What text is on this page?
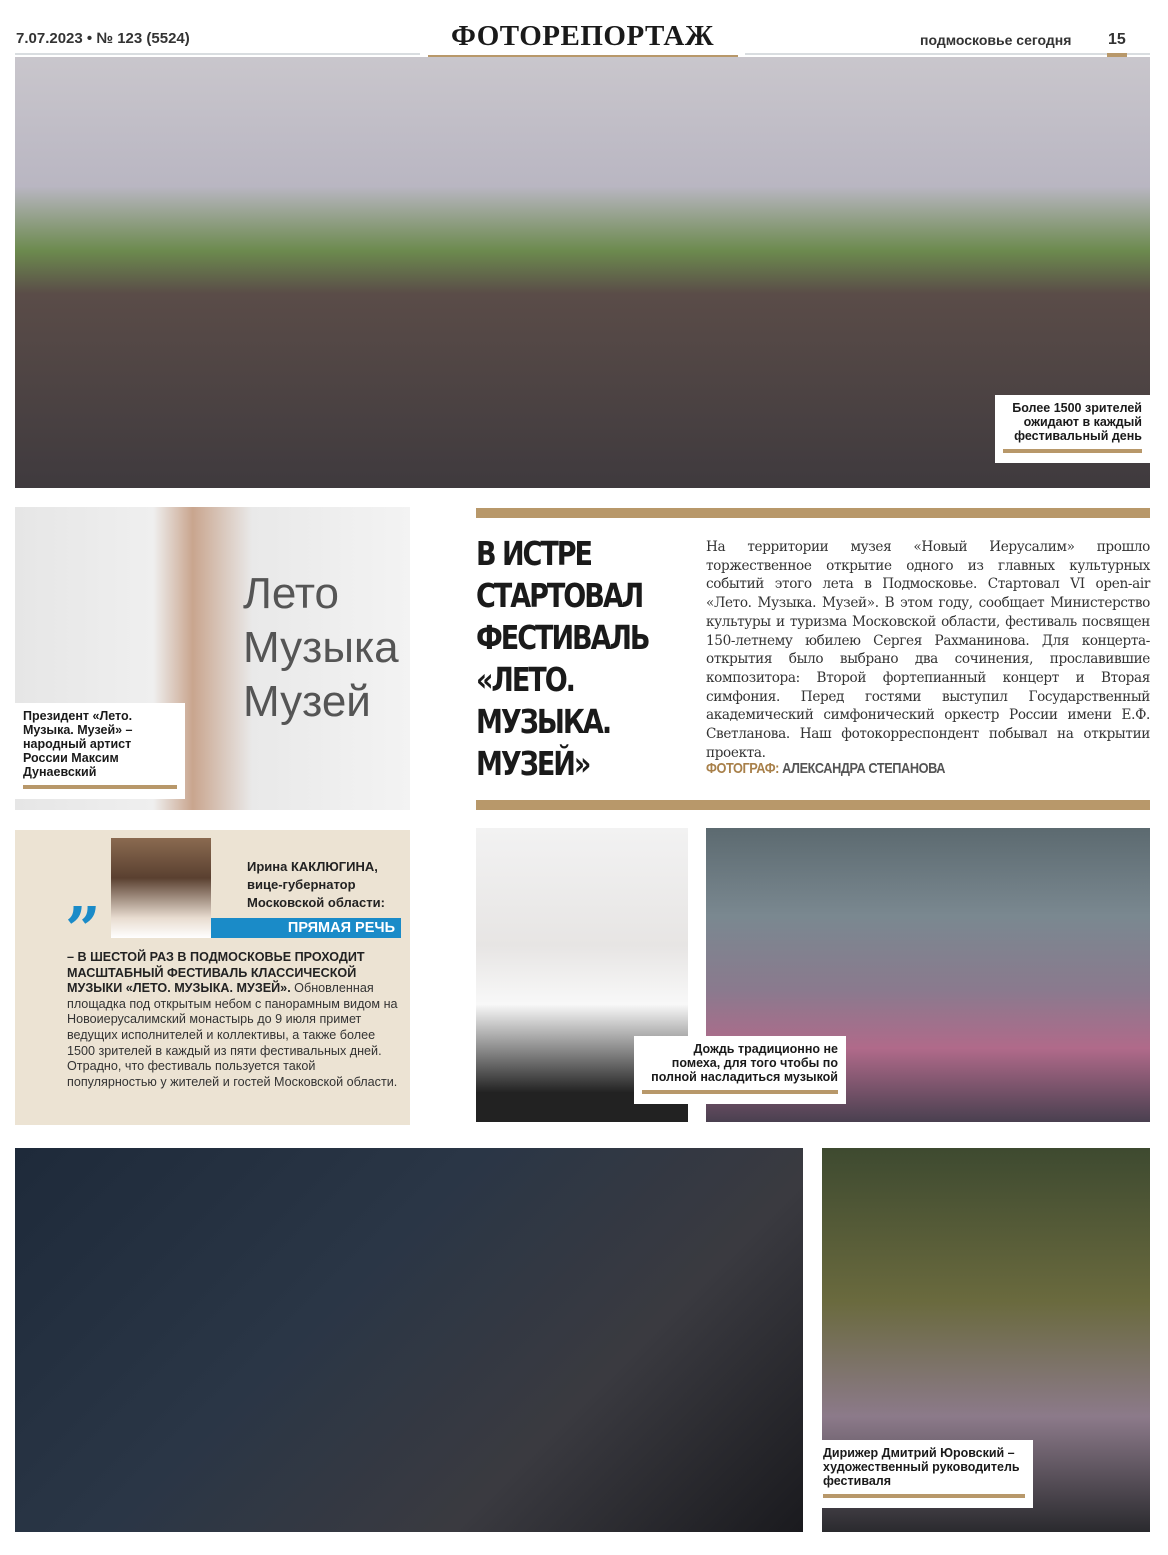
7.07.2023 • № 123 (5524)	ФОТОРЕПОРТАЖ	подмосковье сегодня 15
Более 1500 зрителей ожидают в каждый фестивальный день
Лето Музыка Музей
Президент «Лето. Музыка. Музей» – народный артист России Максим Дунаевский
В ИСТРЕ СТАРТОВАЛ ФЕСТИВАЛЬ «ЛЕТО. МУЗЫКА. МУЗЕЙ»
На территории музея «Новый Иерусалим» прошло торжественное открытие одного из главных культурных событий этого лета в Подмосковье. Стартовал VI open-air «Лето. Музыка. Музей». В этом году, сообщает Министерство культуры и туризма Московской области, фестиваль посвящен 150-летнему юбилею Сергея Рахманинова. Для концерта-открытия было выбрано два сочинения, прославившие композитора: Второй фортепианный концерт и Вторая симфония. Перед гостями выступил Государственный академический симфонический оркестр России имени Е.Ф. Светланова. Наш фотокорреспондент побывал на открытии проекта.
ФОТОГРАФ: АЛЕКСАНДРА СТЕПАНОВА
Ирина КАКЛЮГИНА,
вице-губернатор
Московской области:
”	ПРЯМАЯ РЕЧЬ
– В ШЕСТОЙ РАЗ В ПОДМОСКОВЬЕ ПРОХОДИТ МАСШТАБНЫЙ ФЕСТИВАЛЬ КЛАССИЧЕСКОЙ МУЗЫКИ «ЛЕТО. МУЗЫКА. МУЗЕЙ». Обновленная площадка под открытым небом с панорамным видом на Новоиерусалимский монастырь до 9 июля примет ведущих исполнителей и коллективы, а также более 1500 зрителей в каждый из пяти фестивальных дней. Отрадно, что фестиваль пользуется такой популярностью у жителей и гостей Московской области.
Дождь традиционно не помеха, для того чтобы по полной насладиться музыкой
Дирижер Дмитрий Юровский – художественный руководитель фестиваля
